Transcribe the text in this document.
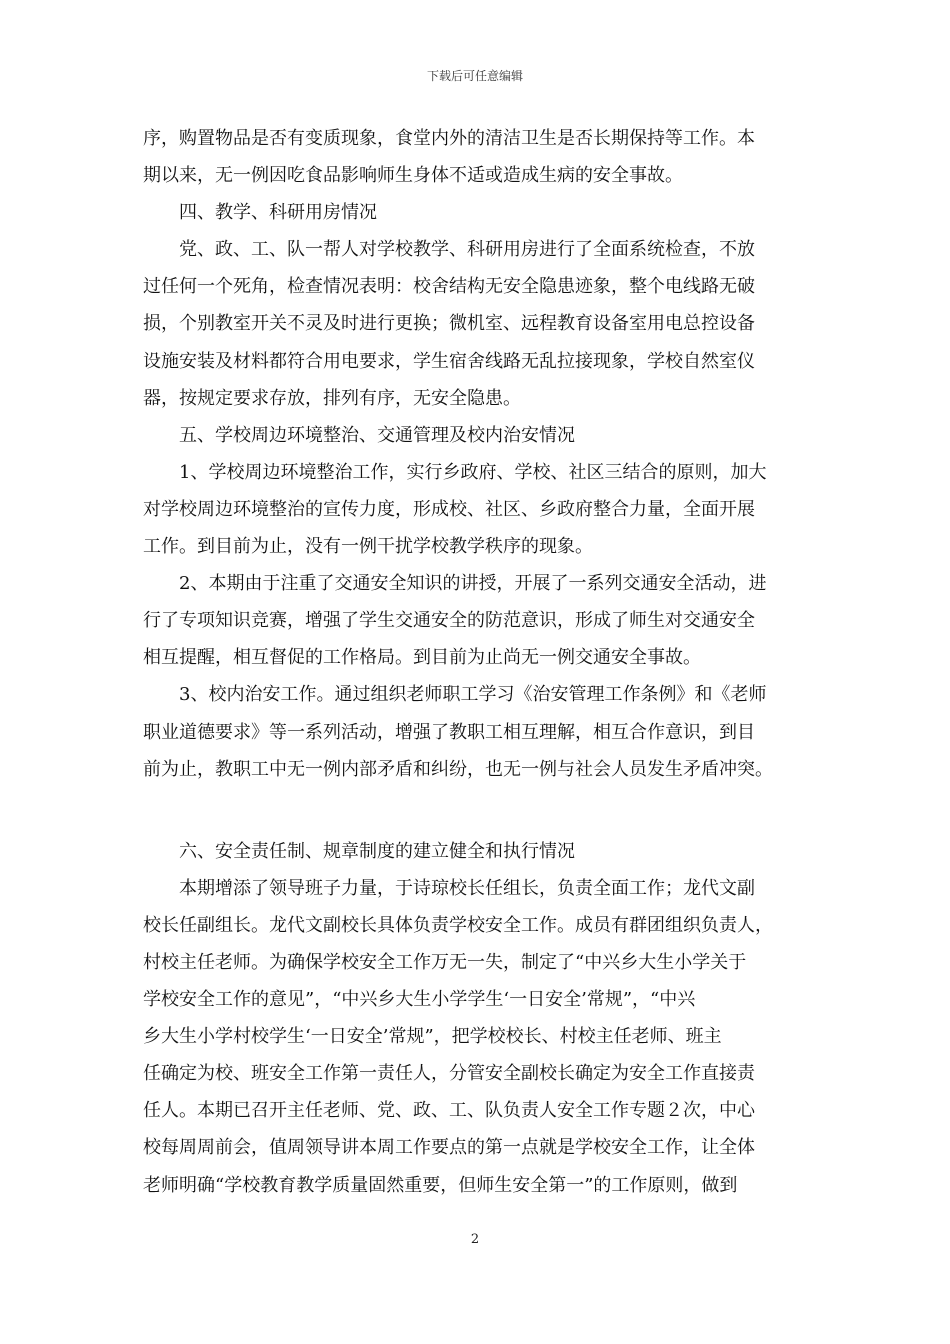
下载后可任意编辑
序，购置物品是否有变质现象，食堂内外的清洁卫生是否长期保持等工作。本
期以来，无一例因吃食品影响师生身体不适或造成生病的安全事故。
四、教学、科研用房情况
党、政、工、队一帮人对学校教学、科研用房进行了全面系统检查，不放
过任何一个死角，检查情况表明：校舍结构无安全隐患迹象，整个电线路无破
损，个别教室开关不灵及时进行更换；微机室、远程教育设备室用电总控设备
设施安装及材料都符合用电要求，学生宿舍线路无乱拉接现象，学校自然室仪
器，按规定要求存放，排列有序，无安全隐患。
五、学校周边环境整治、交通管理及校内治安情况
1、学校周边环境整治工作，实行乡政府、学校、社区三结合的原则，加大
对学校周边环境整治的宣传力度，形成校、社区、乡政府整合力量，全面开展
工作。到目前为止，没有一例干扰学校教学秩序的现象。
2、本期由于注重了交通安全知识的讲授，开展了一系列交通安全活动，进
行了专项知识竞赛，增强了学生交通安全的防范意识，形成了师生对交通安全
相互提醒，相互督促的工作格局。到目前为止尚无一例交通安全事故。
3、校内治安工作。通过组织老师职工学习《治安管理工作条例》和《老师
职业道德要求》等一系列活动，增强了教职工相互理解，相互合作意识，到目
前为止，教职工中无一例内部矛盾和纠纷，也无一例与社会人员发生矛盾冲突。
六、安全责任制、规章制度的建立健全和执行情况
本期增添了领导班子力量，于诗琼校长任组长，负责全面工作；龙代文副
校长任副组长。龙代文副校长具体负责学校安全工作。成员有群团组织负责人，
村校主任老师。为确保学校安全工作万无一失，制定了“中兴乡大生小学关于
学校安全工作的意见”，“中兴乡大生小学学生‘一日安全’常规”，“中兴
乡大生小学村校学生‘一日安全’常规”，把学校校长、村校主任老师、班主
任确定为校、班安全工作第一责任人，分管安全副校长确定为安全工作直接责
任人。本期已召开主任老师、党、政、工、队负责人安全工作专题２次，中心
校每周周前会，值周领导讲本周工作要点的第一点就是学校安全工作，让全体
老师明确“学校教育教学质量固然重要，但师生安全第一”的工作原则，做到
2
